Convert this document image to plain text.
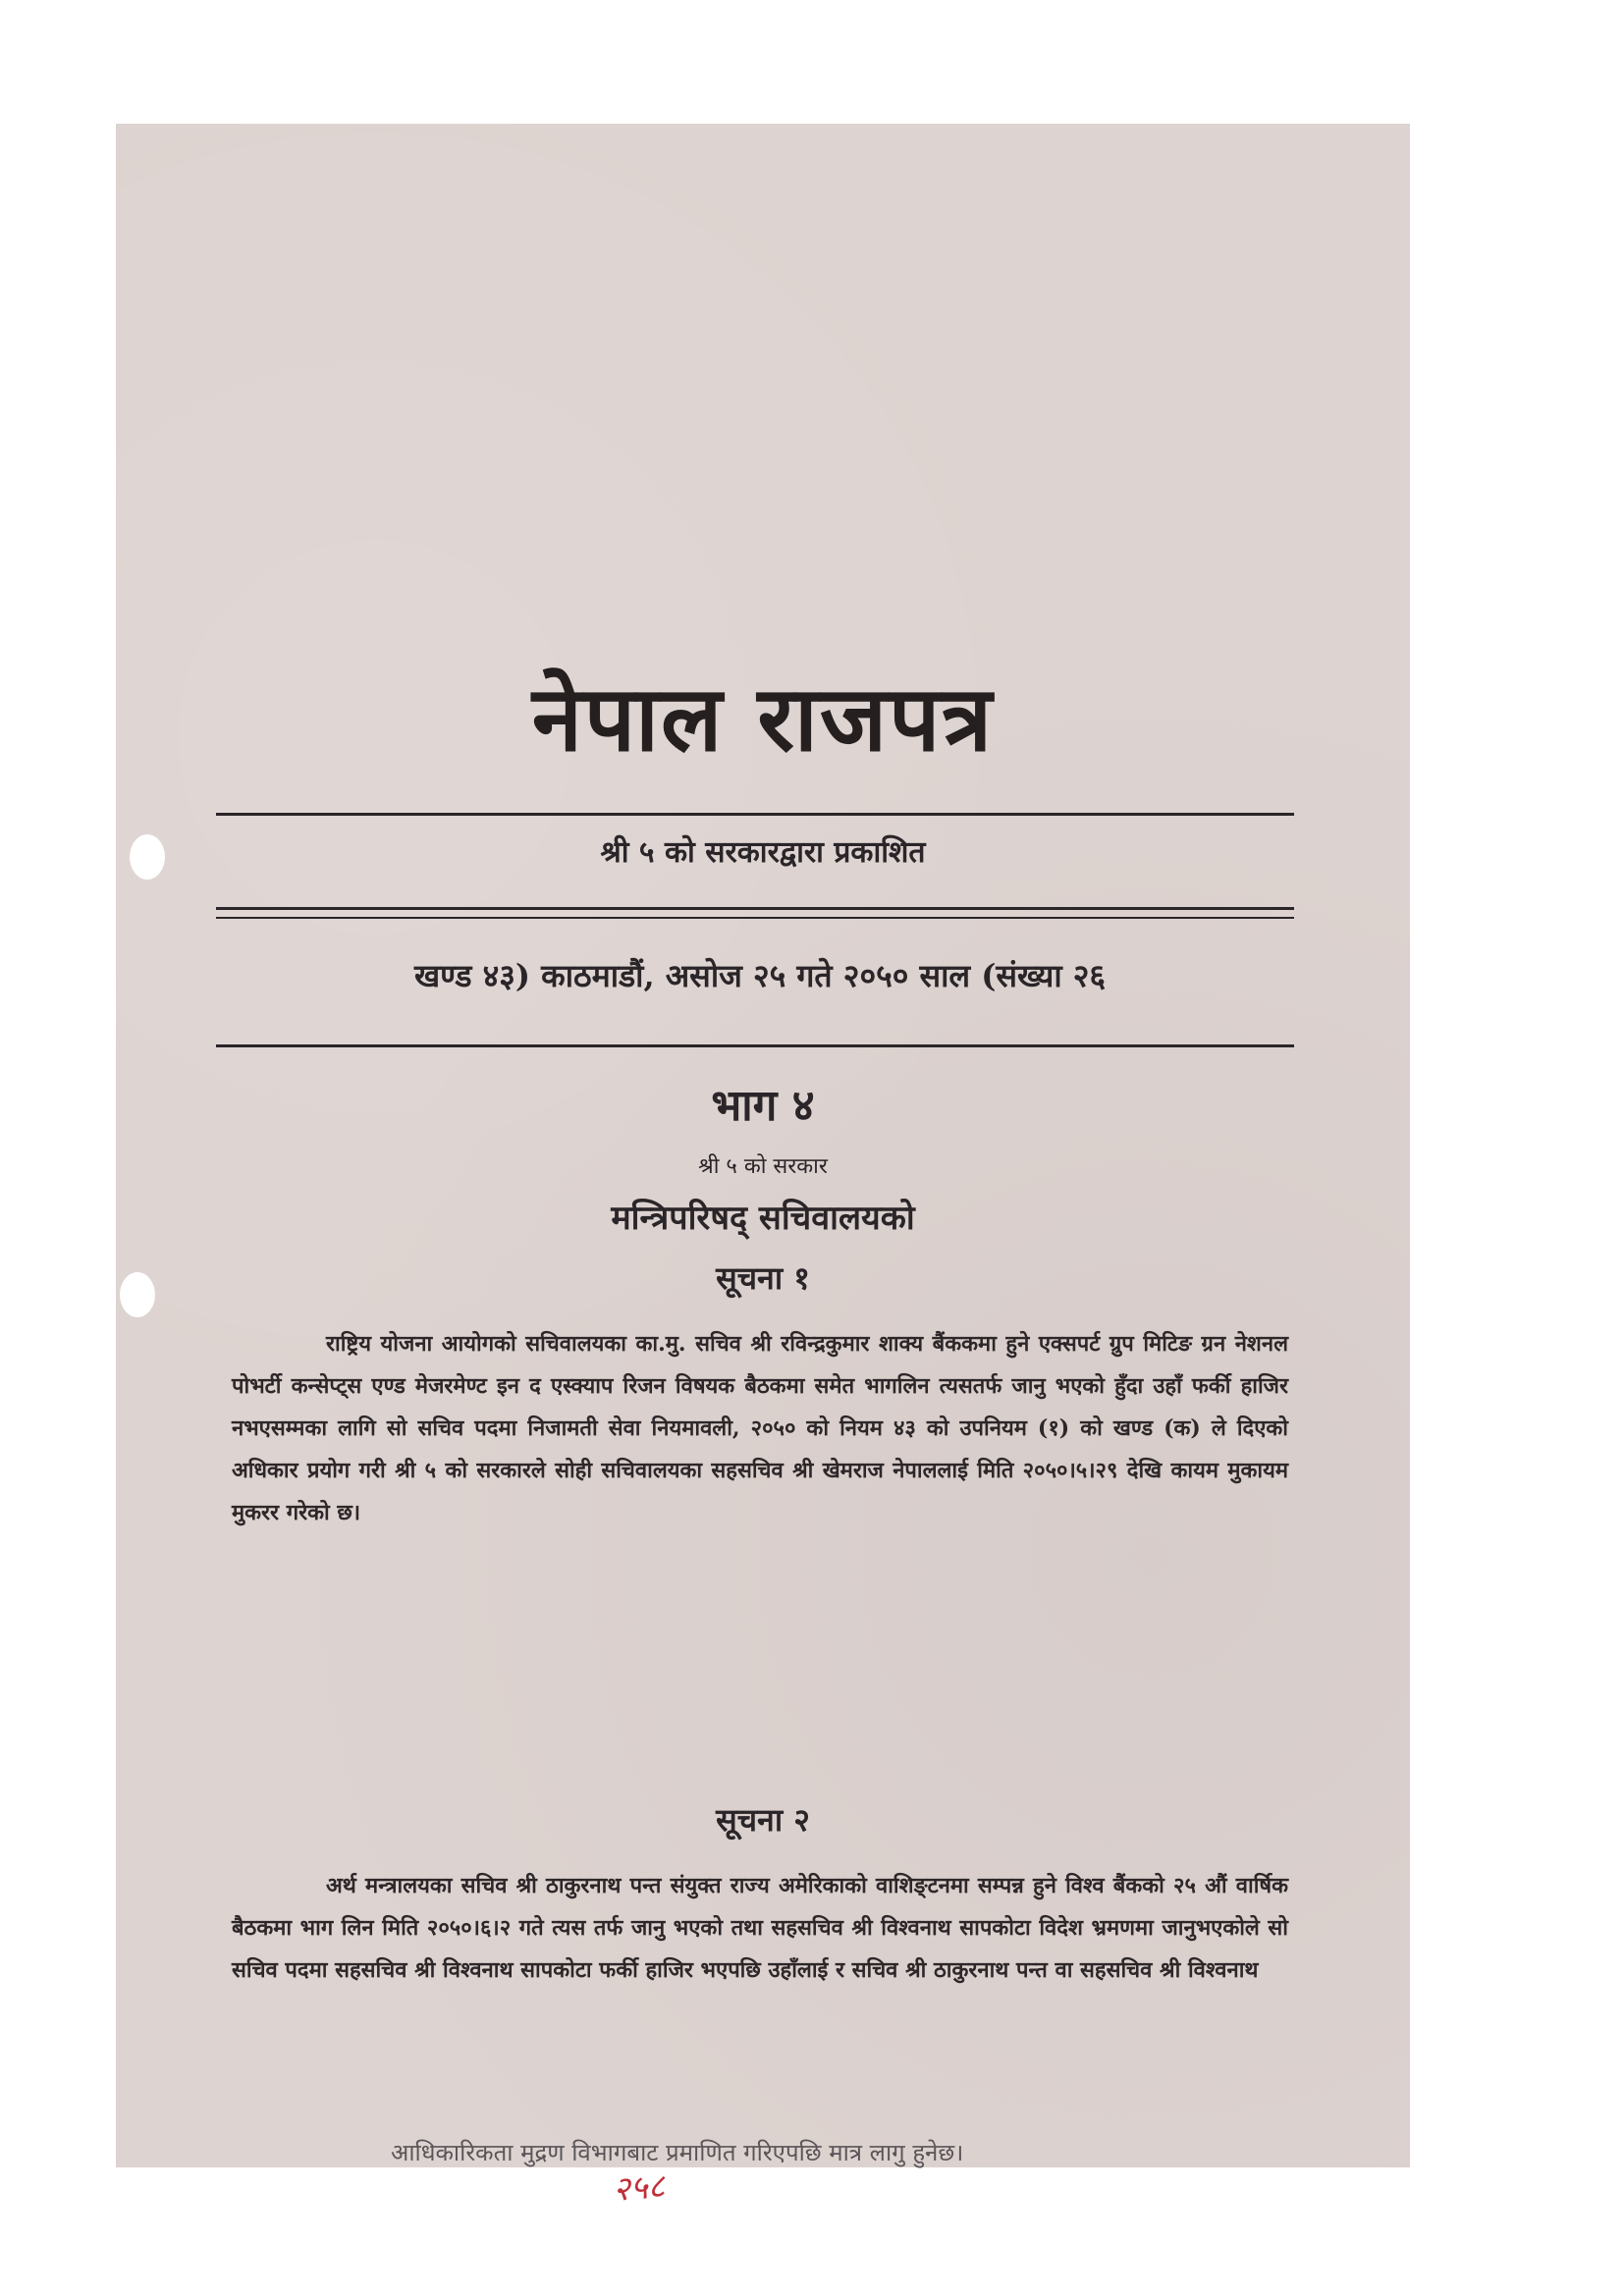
नेपाल राजपत्र
श्री ५ को सरकारद्वारा प्रकाशित
खण्ड ४३) काठमाडौं, असोज २५ गते २०५० साल (संख्या २६
भाग ४
श्री ५ को सरकार
मन्त्रिपरिषद् सचिवालयको
सूचना १
राष्ट्रिय योजना आयोगको सचिवालयका का.मु. सचिव श्री रविन्द्रकुमार शाक्य बैंककमा हुने एक्सपर्ट ग्रुप मिटिङ ग्रन नेशनल पोभर्टी कन्सेप्ट्स एण्ड मेजरमेण्ट इन द एस्क्याप रिजन विषयक बैठकमा समेत भागलिन त्यसतर्फ जानु भएको हुँदा उहाँ फर्की हाजिर नभएसम्मका लागि सो सचिव पदमा निजामती सेवा नियमावली, २०५० को नियम ४३ को उपनियम (१) को खण्ड (क) ले दिएको अधिकार प्रयोग गरी श्री ५ को सरकारले सोही सचिवालयका सहसचिव श्री खेमराज नेपाललाई मिति २०५०।५।२९ देखि कायम मुकायम मुकरर गरेको छ।
सूचना २
अर्थ मन्त्रालयका सचिव श्री ठाकुरनाथ पन्त संयुक्त राज्य अमेरिकाको वाशिङ्टनमा सम्पन्न हुने विश्व बैंकको २५ औं वार्षिक बैठकमा भाग लिन मिति २०५०।६।२ गते त्यस तर्फ जानु भएको तथा सहसचिव श्री विश्वनाथ सापकोटा विदेश भ्रमणमा जानुभएकोले सो सचिव पदमा सहसचिव श्री विश्वनाथ सापकोटा फर्की हाजिर भएपछि उहाँलाई र सचिव श्री ठाकुरनाथ पन्त वा सहसचिव श्री विश्वनाथ
आधिकारिकता मुद्रण विभागबाट प्रमाणित गरिएपछि मात्र लागु हुनेछ।
२५८
